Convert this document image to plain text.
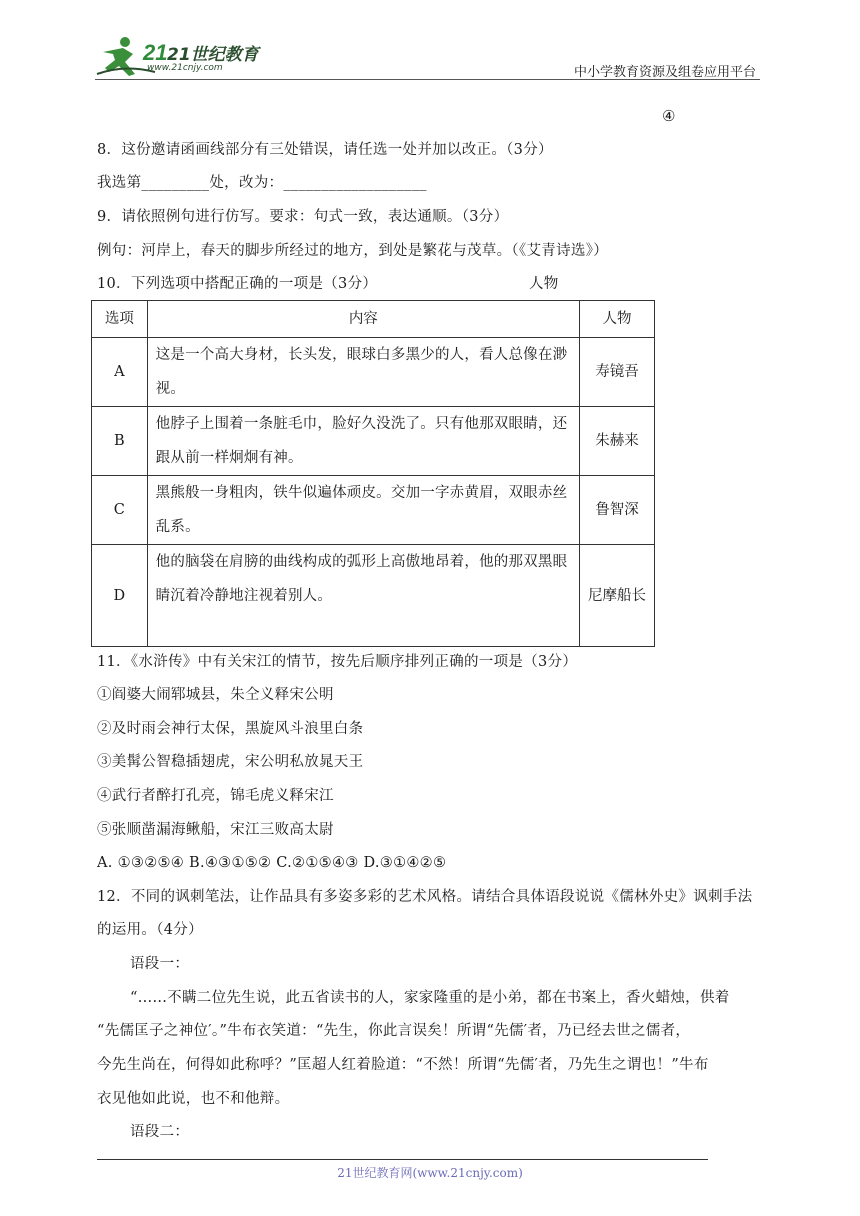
21 21世纪教育
www.21cnjy.com	中小学教育资源及组卷应用平台
④
8．这份邀请函画线部分有三处错误，请任选一处并加以改正。（3分）
我选第_________处，改为：___________________
9．请依照例句进行仿写。要求：句式一致，表达通顺。（3分）
例句：河岸上，春天的脚步所经过的地方，到处是繁花与茂草。（《艾青诗选》）
10．下列选项中搭配正确的一项是（3分）	人物
选项	内容	人物
A	这是一个高大身材，长头发，眼球白多黑少的人，看人总像在渺视。	寿镜吾
B	他脖子上围着一条脏毛巾，脸好久没洗了。只有他那双眼睛，还跟从前一样炯炯有神。	朱赫来
C	黑熊般一身粗肉，铁牛似遍体顽皮。交加一字赤黄眉，双眼赤丝乱系。	鲁智深
D	他的脑袋在肩膀的曲线构成的弧形上高傲地昂着，他的那双黑眼睛沉着冷静地注视着别人。	尼摩船长
11．《水浒传》中有关宋江的情节，按先后顺序排列正确的一项是（3分）
①阎婆大闹郓城县，朱仝义释宋公明
②及时雨会神行太保，黑旋风斗浪里白条
③美髯公智稳插翅虎，宋公明私放晁天王
④武行者醉打孔亮，锦毛虎义释宋江
⑤张顺凿漏海鳅船，宋江三败高太尉
A. ①③②⑤④ B.④③①⑤② C.②①⑤④③ D.③①④②⑤
12．不同的讽刺笔法，让作品具有多姿多彩的艺术风格。请结合具体语段说说《儒林外史》讽刺手法
的运用。（4分）
语段一：
“......不瞒二位先生说，此五省读书的人，家家隆重的是小弟，都在书案上，香火蜡烛，供着
“先儒匡子之神位′。”牛布衣笑道：“先生，你此言误矣！所谓“先儒′者，乃已经去世之儒者，
今先生尚在，何得如此称呼？”匡超人红着脸道：“不然！所谓“先儒′者，乃先生之谓也！”牛布
衣见他如此说，也不和他辩。
语段二：
21世纪教育网(www.21cnjy.com)
